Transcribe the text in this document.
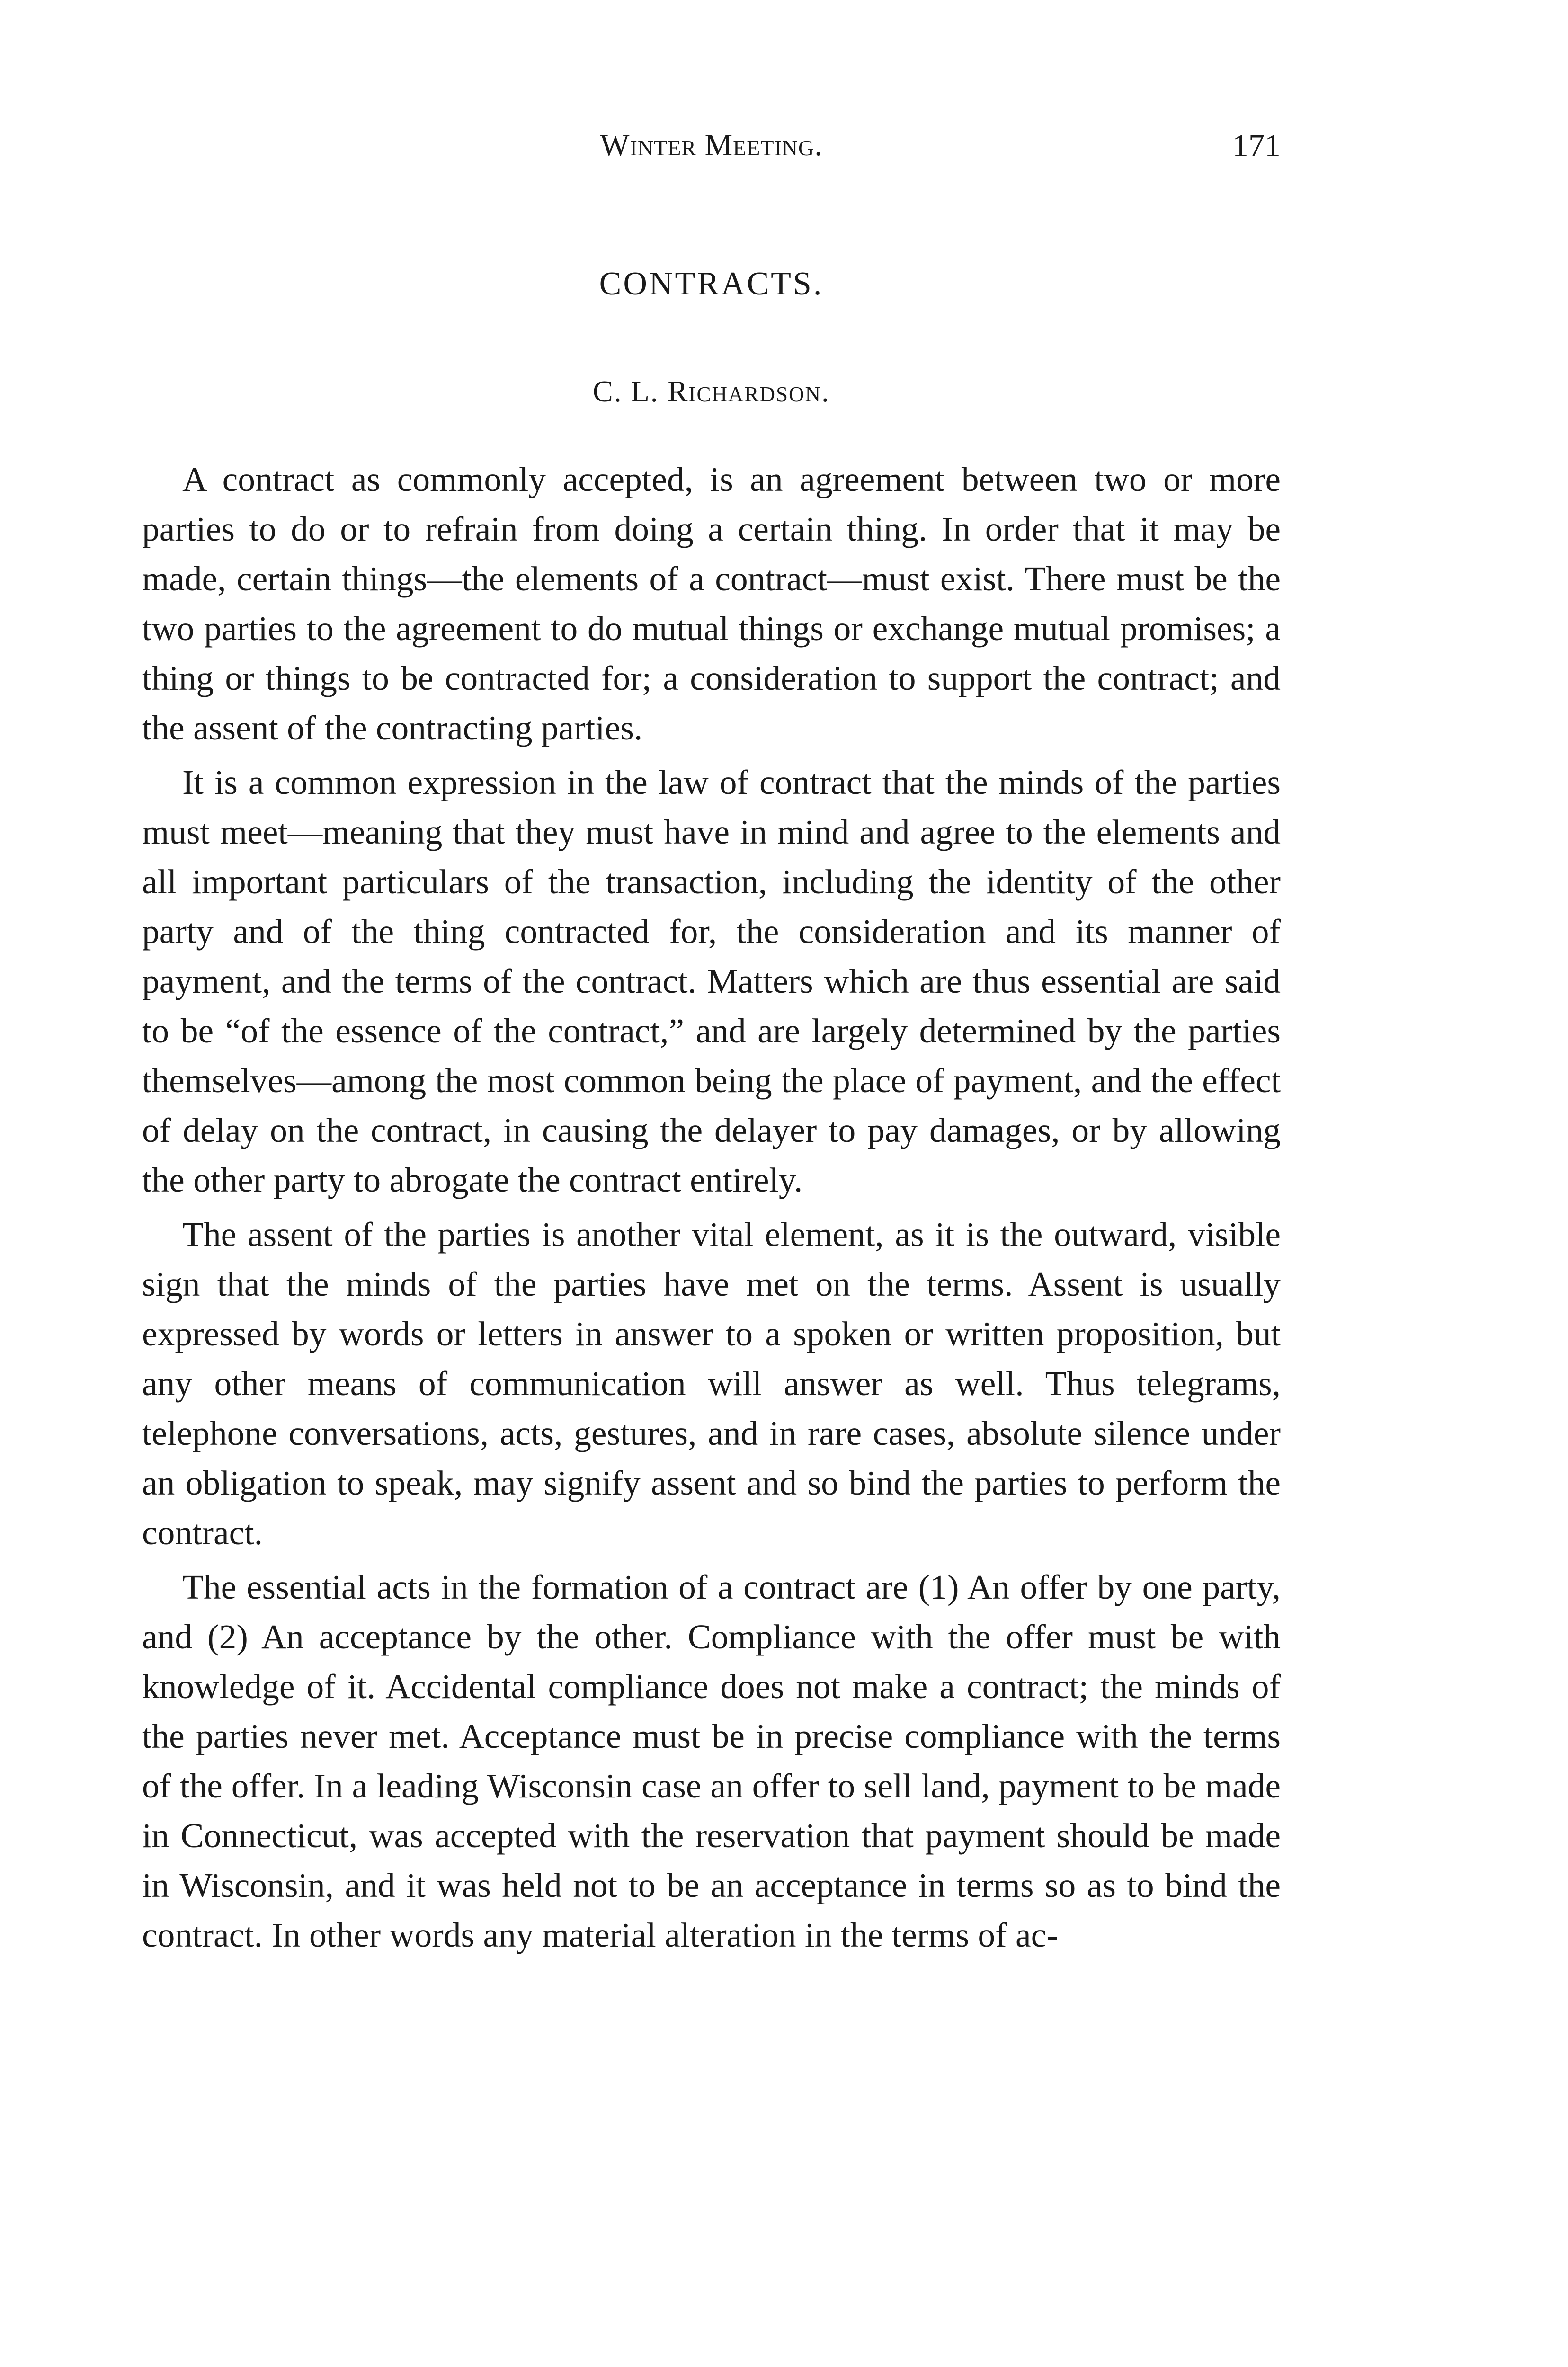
Winter Meeting.	171
CONTRACTS.
C. L. Richardson.

A contract as commonly accepted, is an agreement between two or more parties to do or to refrain from doing a certain thing. In order that it may be made, certain things—the elements of a contract—must exist. There must be the two parties to the agreement to do mutual things or exchange mutual promises; a thing or things to be contracted for; a consideration to support the contract; and the assent of the contracting parties.

It is a common expression in the law of contract that the minds of the parties must meet—meaning that they must have in mind and agree to the elements and all important particulars of the transaction, including the identity of the other party and of the thing contracted for, the consideration and its manner of payment, and the terms of the contract. Matters which are thus essential are said to be “of the essence of the contract,” and are largely determined by the parties themselves—among the most common being the place of payment, and the effect of delay on the contract, in causing the delayer to pay damages, or by allowing the other party to abrogate the contract entirely.

The assent of the parties is another vital element, as it is the outward, visible sign that the minds of the parties have met on the terms. Assent is usually expressed by words or letters in answer to a spoken or written proposition, but any other means of communication will answer as well. Thus telegrams, telephone conversations, acts, gestures, and in rare cases, absolute silence under an obligation to speak, may signify assent and so bind the parties to perform the contract.

The essential acts in the formation of a contract are (1) An offer by one party, and (2) An acceptance by the other. Compliance with the offer must be with knowledge of it. Accidental compliance does not make a contract; the minds of the parties never met. Acceptance must be in precise compliance with the terms of the offer. In a leading Wisconsin case an offer to sell land, payment to be made in Connecticut, was accepted with the reservation that payment should be made in Wisconsin, and it was held not to be an acceptance in terms so as to bind the contract. In other words any material alteration in the terms of ac-
